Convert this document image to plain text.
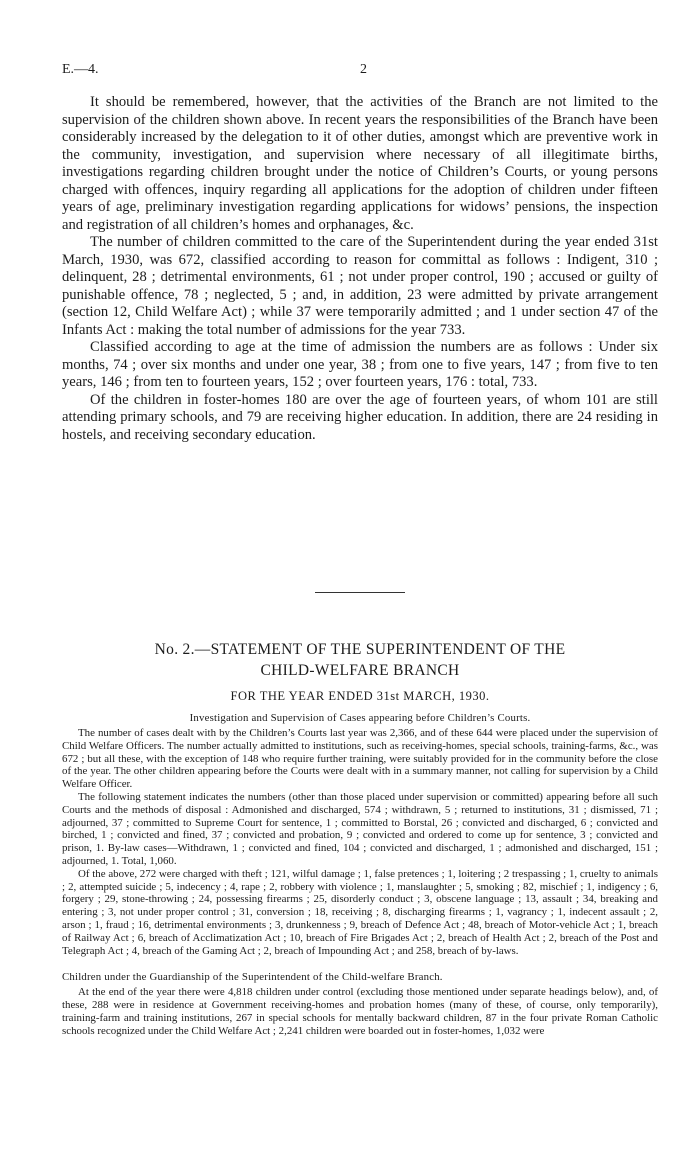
E.—4.	2

It should be remembered, however, that the activities of the Branch are not limited to the supervision of the children shown above. In recent years the responsibilities of the Branch have been considerably increased by the delegation to it of other duties, amongst which are preventive work in the community, investigation, and supervision where necessary of all illegitimate births, investigations regarding children brought under the notice of Children’s Courts, or young persons charged with offences, inquiry regarding all applications for the adoption of children under fifteen years of age, preliminary investigation regarding applications for widows’ pensions, the inspection and registration of all children’s homes and orphanages, &c.

The number of children committed to the care of the Superintendent during the year ended 31st March, 1930, was 672, classified according to reason for committal as follows : Indigent, 310 ; delinquent, 28 ; detrimental environments, 61 ; not under proper control, 190 ; accused or guilty of punishable offence, 78 ; neglected, 5 ; and, in addition, 23 were admitted by private arrangement (section 12, Child Welfare Act) ; while 37 were temporarily admitted ; and 1 under section 47 of the Infants Act : making the total number of admissions for the year 733.

Classified according to age at the time of admission the numbers are as follows : Under six months, 74 ; over six months and under one year, 38 ; from one to five years, 147 ; from five to ten years, 146 ; from ten to fourteen years, 152 ; over fourteen years, 176 : total, 733.

Of the children in foster-homes 180 are over the age of fourteen years, of whom 101 are still attending primary schools, and 79 are receiving higher education. In addition, there are 24 residing in hostels, and receiving secondary education.

No. 2.—STATEMENT OF THE SUPERINTENDENT OF THE
CHILD-WELFARE BRANCH
FOR THE YEAR ENDED 31st MARCH, 1930.
Investigation and Supervision of Cases appearing before Children’s Courts.

The number of cases dealt with by the Children’s Courts last year was 2,366, and of these 644 were placed under the supervision of Child Welfare Officers. The number actually admitted to institutions, such as receiving-homes, special schools, training-farms, &c., was 672 ; but all these, with the exception of 148 who require further training, were suitably provided for in the community before the close of the year. The other children appearing before the Courts were dealt with in a summary manner, not calling for supervision by a Child Welfare Officer.

The following statement indicates the numbers (other than those placed under supervision or committed) appearing before all such Courts and the methods of disposal : Admonished and discharged, 574 ; withdrawn, 5 ; returned to institutions, 31 ; dismissed, 71 ; adjourned, 37 ; committed to Supreme Court for sentence, 1 ; committed to Borstal, 26 ; convicted and discharged, 6 ; convicted and birched, 1 ; convicted and fined, 37 ; convicted and probation, 9 ; convicted and ordered to come up for sentence, 3 ; convicted and prison, 1. By-law cases—Withdrawn, 1 ; convicted and fined, 104 ; convicted and discharged, 1 ; admonished and discharged, 151 ; adjourned, 1. Total, 1,060.

Of the above, 272 were charged with theft ; 121, wilful damage ; 1, false pretences ; 1, loitering ; 2 trespassing ; 1, cruelty to animals ; 2, attempted suicide ; 5, indecency ; 4, rape ; 2, robbery with violence ; 1, manslaughter ; 5, smoking ; 82, mischief ; 1, indigency ; 6, forgery ; 29, stone-throwing ; 24, possessing firearms ; 25, disorderly conduct ; 3, obscene language ; 13, assault ; 34, breaking and entering ; 3, not under proper control ; 31, conversion ; 18, receiving ; 8, discharging firearms ; 1, vagrancy ; 1, indecent assault ; 2, arson ; 1, fraud ; 16, detrimental environments ; 3, drunkenness ; 9, breach of Defence Act ; 48, breach of Motor-vehicle Act ; 1, breach of Railway Act ; 6, breach of Acclimatization Act ; 10, breach of Fire Brigades Act ; 2, breach of Health Act ; 2, breach of the Post and Telegraph Act ; 4, breach of the Gaming Act ; 2, breach of Impounding Act ; and 258, breach of by-laws.

Children under the Guardianship of the Superintendent of the Child-welfare Branch.

At the end of the year there were 4,818 children under control (excluding those mentioned under separate headings below), and, of these, 288 were in residence at Government receiving-homes and probation homes (many of these, of course, only temporarily), training-farm and training institutions, 267 in special schools for mentally backward children, 87 in the four private Roman Catholic schools recognized under the Child Welfare Act ; 2,241 children were boarded out in foster-homes, 1,032 were
